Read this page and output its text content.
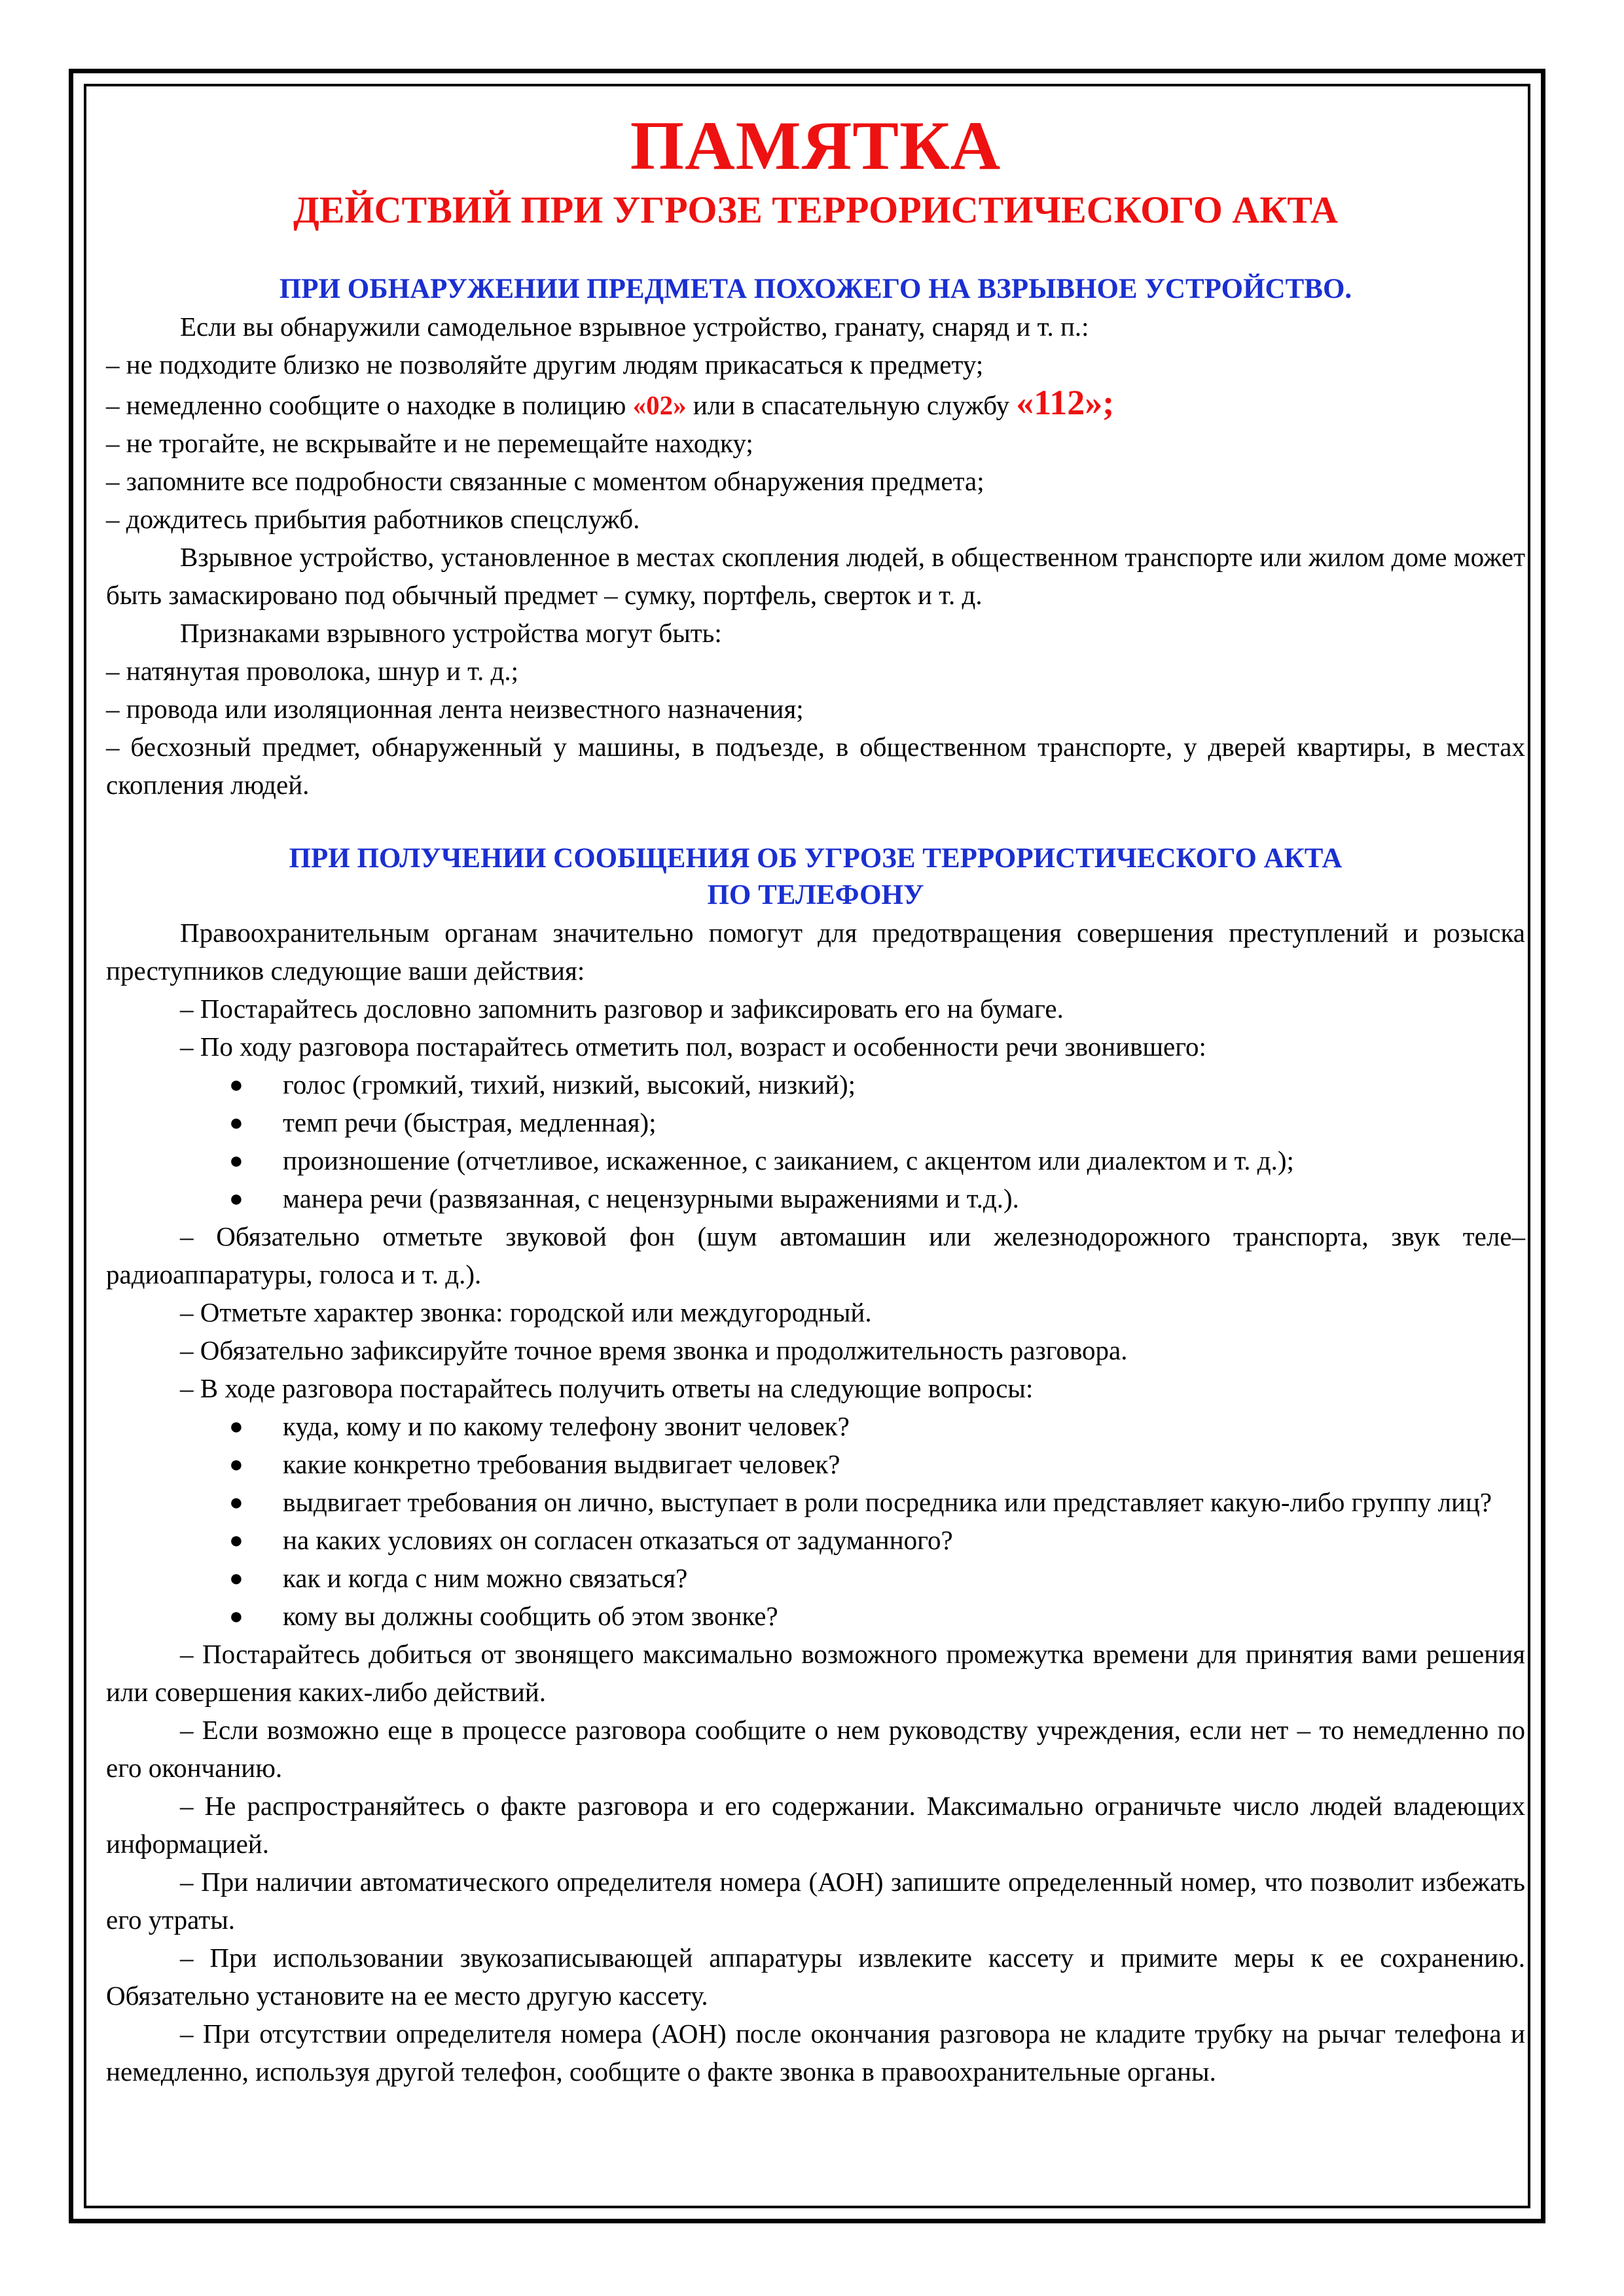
ПАМЯТКА
ДЕЙСТВИЙ ПРИ УГРОЗЕ ТЕРРОРИСТИЧЕСКОГО АКТА
ПРИ ОБНАРУЖЕНИИ ПРЕДМЕТА ПОХОЖЕГО НА ВЗРЫВНОЕ УСТРОЙСТВО.

Если вы обнаружили самодельное взрывное устройство, гранату, снаряд и т. п.:

– не подходите близко не позволяйте другим людям прикасаться к предмету;

– немедленно сообщите о находке в полицию «02» или в спасательную службу «112»;

– не трогайте, не вскрывайте и не перемещайте находку;

– запомните все подробности связанные с моментом обнаружения предмета;

– дождитесь прибытия работников спецслужб.

Взрывное устройство, установленное в местах скопления людей, в общественном транспорте или жилом доме может быть замаскировано под обычный предмет – сумку, портфель, сверток и т. д.

Признаками взрывного устройства могут быть:

– натянутая проволока, шнур и т. д.;

– провода или изоляционная лента неизвестного назначения;

– бесхозный предмет, обнаруженный у машины, в подъезде, в общественном транспорте, у дверей квартиры, в местах скопления людей.

ПРИ ПОЛУЧЕНИИ СООБЩЕНИЯ ОБ УГРОЗЕ ТЕРРОРИСТИЧЕСКОГО АКТА
ПО ТЕЛЕФОНУ

Правоохранительным органам значительно помогут для предотвращения совершения преступлений и розыска преступников следующие ваши действия:

– Постарайтесь дословно запомнить разговор и зафиксировать его на бумаге.

– По ходу разговора постарайтесь отметить пол, возраст и особенности речи звонившего:

● голос (громкий, тихий, низкий, высокий, низкий);
● темп речи (быстрая, медленная);
● произношение (отчетливое, искаженное, с заиканием, с акцентом или диалектом и т. д.);
● манера речи (развязанная, с нецензурными выражениями и т.д.).

– Обязательно отметьте звуковой фон (шум автомашин или железнодорожного транспорта, звук теле–радиоаппаратуры, голоса и т. д.).

– Отметьте характер звонка: городской или междугородный.

– Обязательно зафиксируйте точное время звонка и продолжительность разговора.

– В ходе разговора постарайтесь получить ответы на следующие вопросы:

● куда, кому и по какому телефону звонит человек?
● какие конкретно требования выдвигает человек?
● выдвигает требования он лично, выступает в роли посредника или представляет какую-либо группу лиц?
● на каких условиях он согласен отказаться от задуманного?
● как и когда с ним можно связаться?
● кому вы должны сообщить об этом звонке?

– Постарайтесь добиться от звонящего максимально возможного промежутка времени для принятия вами решения или совершения каких-либо действий.

– Если возможно еще в процессе разговора сообщите о нем руководству учреждения, если нет – то немедленно по его окончанию.

– Не распространяйтесь о факте разговора и его содержании. Максимально ограничьте число людей владеющих информацией.

– При наличии автоматического определителя номера (АОН) запишите определенный номер, что позволит избежать его утраты.

– При использовании звукозаписывающей аппаратуры извлеките кассету и примите меры к ее сохранению. Обязательно установите на ее место другую кассету.

– При отсутствии определителя номера (АОН) после окончания разговора не кладите трубку на рычаг телефона и немедленно, используя другой телефон, сообщите о факте звонка в правоохранительные органы.
